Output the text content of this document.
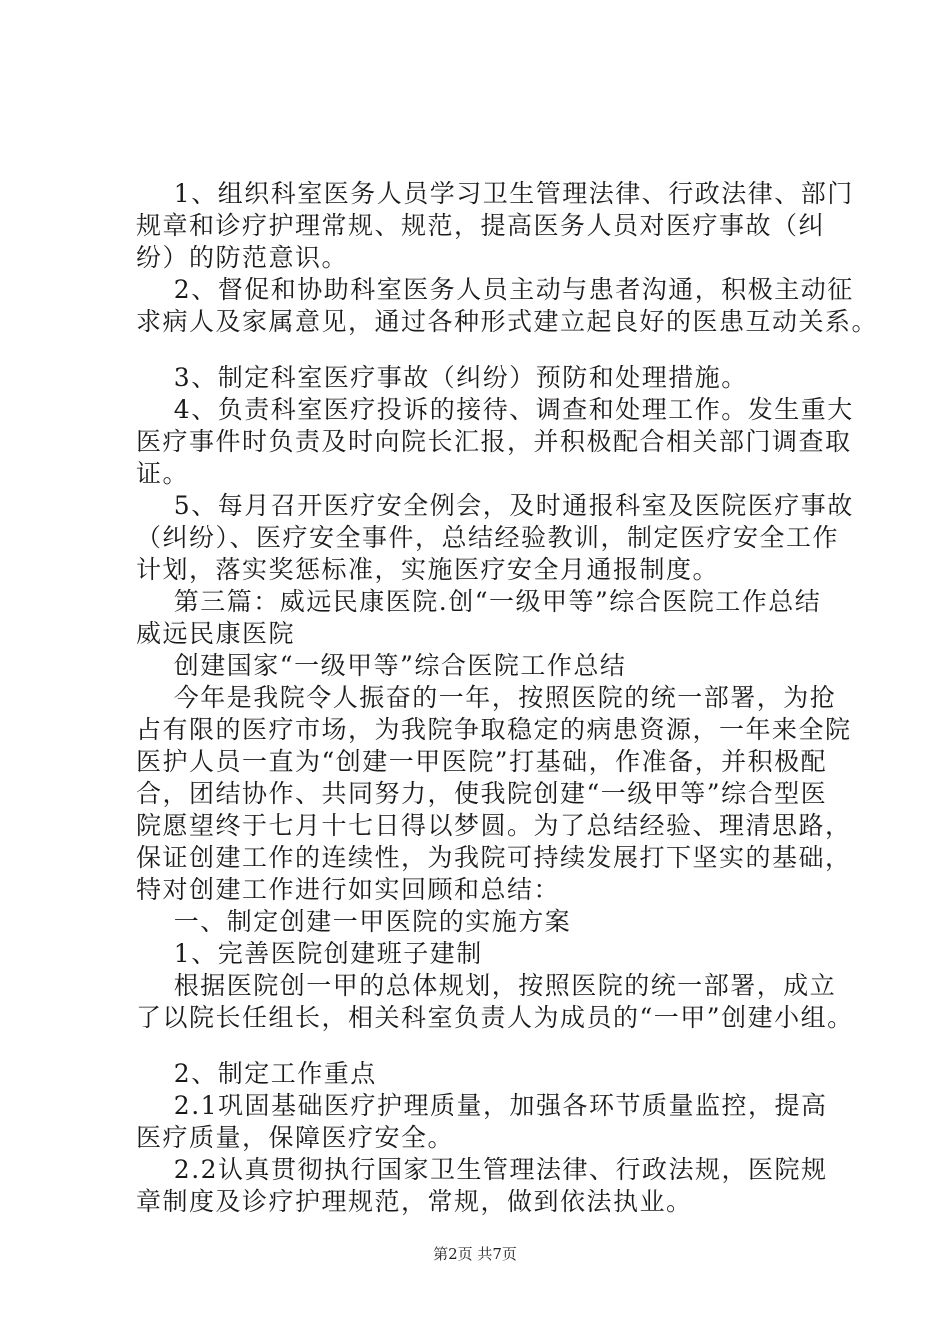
1、组织科室医务人员学习卫生管理法律、行政法律、部门
规章和诊疗护理常规、规范，提高医务人员对医疗事故（纠
纷）的防范意识。
2、督促和协助科室医务人员主动与患者沟通，积极主动征
求病人及家属意见，通过各种形式建立起良好的医患互动关系。
3、制定科室医疗事故（纠纷）预防和处理措施。
4、负责科室医疗投诉的接待、调查和处理工作。发生重大
医疗事件时负责及时向院长汇报，并积极配合相关部门调查取
证。
5、每月召开医疗安全例会，及时通报科室及医院医疗事故
（纠纷）、医疗安全事件，总结经验教训，制定医疗安全工作
计划，落实奖惩标准，实施医疗安全月通报制度。
第三篇：威远民康医院.创“一级甲等”综合医院工作总结
威远民康医院
创建国家“一级甲等”综合医院工作总结
今年是我院令人振奋的一年，按照医院的统一部署，为抢
占有限的医疗市场，为我院争取稳定的病患资源，一年来全院
医护人员一直为“创建一甲医院”打基础，作准备，并积极配
合，团结协作、共同努力，使我院创建“一级甲等”综合型医
院愿望终于七月十七日得以梦圆。为了总结经验、理清思路，
保证创建工作的连续性，为我院可持续发展打下坚实的基础，
特对创建工作进行如实回顾和总结：
一、制定创建一甲医院的实施方案
1、完善医院创建班子建制
根据医院创一甲的总体规划，按照医院的统一部署，成立
了以院长任组长，相关科室负责人为成员的“一甲”创建小组。
2、制定工作重点
2.1巩固基础医疗护理质量，加强各环节质量监控，提高
医疗质量，保障医疗安全。
2.2认真贯彻执行国家卫生管理法律、行政法规，医院规
章制度及诊疗护理规范，常规，做到依法执业。
第2页 共7页
